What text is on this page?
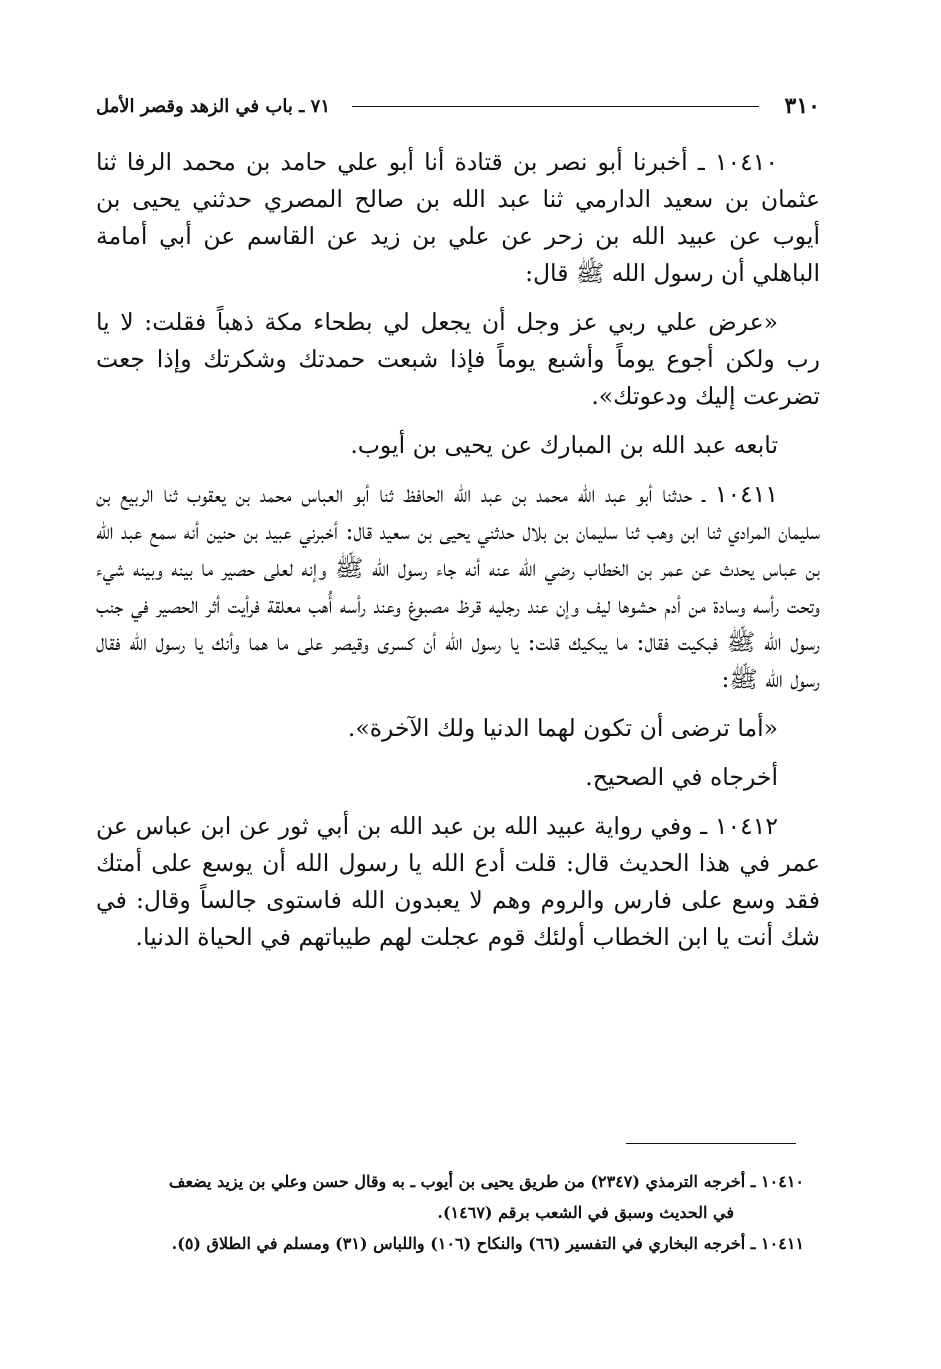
٣١٠
٧١ ـ باب في الزهد وقصر الأمل

١٠٤١٠ ـ أخبرنا أبو نصر بن قتادة أنا أبو علي حامد بن محمد الرفا ثنا عثمان بن سعيد الدارمي ثنا عبد الله بن صالح المصري حدثني يحيى بن أيوب عن عبيد الله بن زحر عن علي بن زيد عن القاسم عن أبي أمامة الباهلي أن رسول الله ﷺ قال:

«عرض علي ربي عز وجل أن يجعل لي بطحاء مكة ذهباً فقلت: لا يا رب ولكن أجوع يوماً وأشبع يوماً فإذا شبعت حمدتك وشكرتك وإذا جعت تضرعت إليك ودعوتك».

تابعه عبد الله بن المبارك عن يحيى بن أيوب.

١٠٤١١ ـ حدثنا أبو عبد الله محمد بن عبد الله الحافظ ثنا أبو العباس محمد بن يعقوب ثنا الربيع بن سليمان المرادي ثنا ابن وهب ثنا سليمان بن بلال حدثني يحيى بن سعيد قال: أخبرني عبيد بن حنين أنه سمع عبد الله بن عباس يحدث عن عمر بن الخطاب رضي الله عنه أنه جاء رسول الله ﷺ وإنه لعلى حصير ما بينه وبينه شيء وتحت رأسه وسادة من أدم حشوها ليف وإن عند رجليه قرظ مصبوغ وعند رأسه أُهب معلقة فرأيت أثر الحصير في جنب رسول الله ﷺ فبكيت فقال: ما يبكيك قلت: يا رسول الله أن كسرى وقيصر على ما هما وأنك يا رسول الله فقال رسول الله ﷺ:

«أما ترضى أن تكون لهما الدنيا ولك الآخرة».

أخرجاه في الصحيح.

١٠٤١٢ ـ وفي رواية عبيد الله بن عبد الله بن أبي ثور عن ابن عباس عن عمر في هذا الحديث قال: قلت أدع الله يا رسول الله أن يوسع على أمتك فقد وسع على فارس والروم وهم لا يعبدون الله فاستوى جالساً وقال: في شك أنت يا ابن الخطاب أولئك قوم عجلت لهم طيباتهم في الحياة الدنيا.

١٠٤١٠ ـ أخرجه الترمذي (٢٣٤٧) من طريق يحيى بن أيوب ـ به وقال حسن وعلي بن يزيد يضعف

في الحديث وسبق في الشعب برقم (١٤٦٧).

١٠٤١١ ـ أخرجه البخاري في التفسير (٦٦) والنكاح (١٠٦) واللباس (٣١) ومسلم في الطلاق (٥).
